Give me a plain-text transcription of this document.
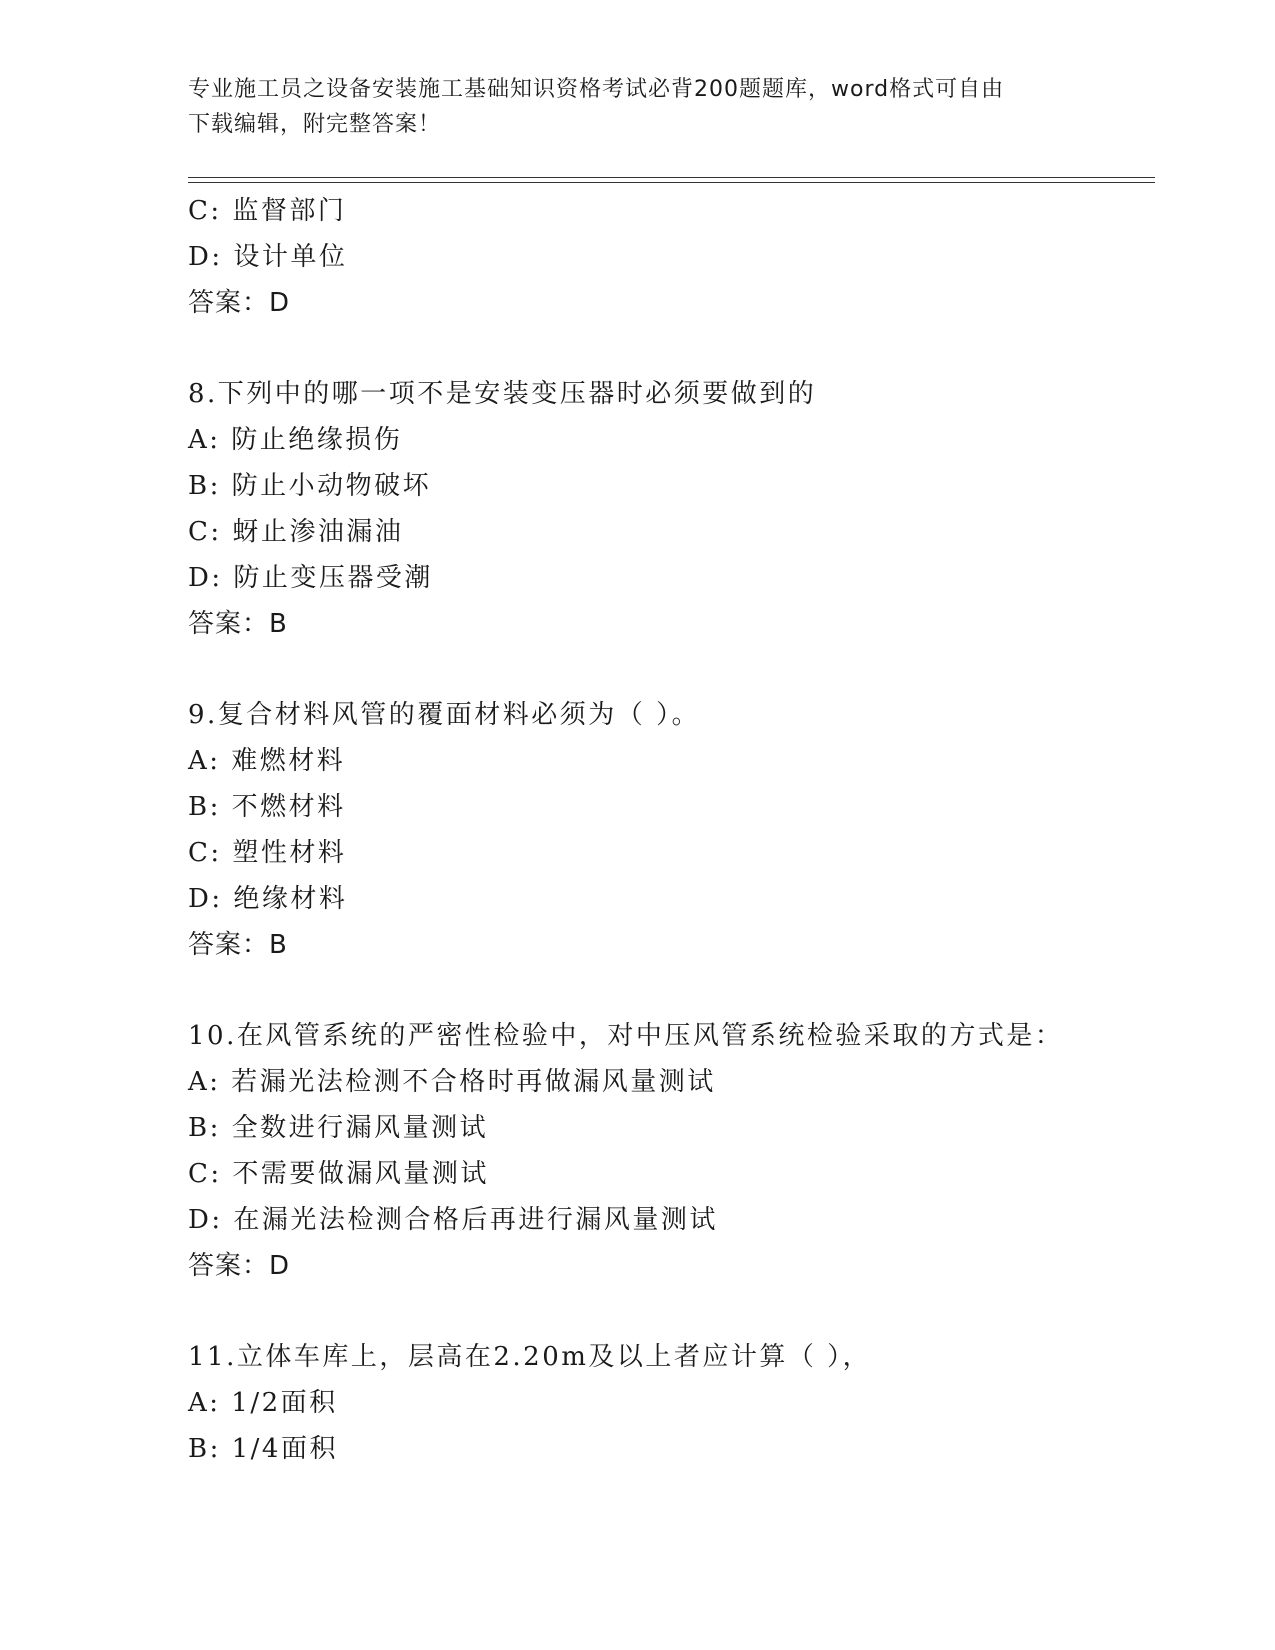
专业施工员之设备安装施工基础知识资格考试必背200题题库，word格式可自由
下载编辑，附完整答案！
C: 监督部门
D: 设计单位
答案：D
8.下列中的哪一项不是安装变压器时必须要做到的
A: 防止绝缘损伤
B: 防止小动物破坏
C: 蚜止渗油漏油
D: 防止变压器受潮
答案：B
9.复合材料风管的覆面材料必须为（ ）。
A: 难燃材料
B: 不燃材料
C: 塑性材料
D: 绝缘材料
答案：B
10.在风管系统的严密性检验中，对中压风管系统检验采取的方式是：
A: 若漏光法检测不合格时再做漏风量测试
B: 全数进行漏风量测试
C: 不需要做漏风量测试
D: 在漏光法检测合格后再进行漏风量测试
答案：D
11.立体车库上，层高在2.20m及以上者应计算（ ），
A: 1/2面积
B: 1/4面积
